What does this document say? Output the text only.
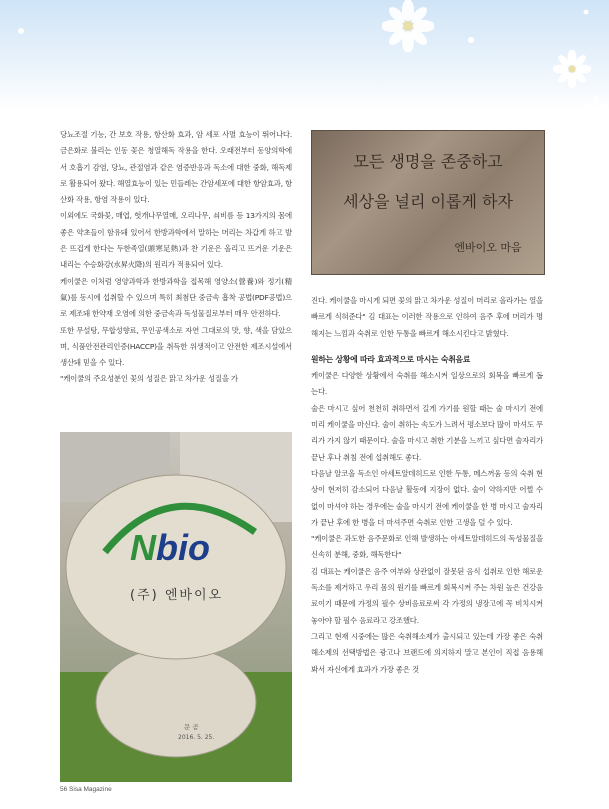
당뇨조절 기능, 간 보호 작용, 항산화 효과, 암 세포 사멸 효능이 뛰어나다. 금은화로 불리는 인동 꽃은 청열해독 작용을 한다. 오래전부터 동양의학에서 호흡기 감염, 당뇨, 관절염과 같은 염증반응과 독소에 대한 중화, 해독제로 활용되어 왔다. 해열효능이 있는 민들레는 간암세포에 대한 항암효과, 항산화 작용, 항염 작용이 있다.

이외에도 국화꽃, 매엽, 헛개나무열매, 오리나무, 쇠비름 등 13가지의 몸에 좋은 약초들이 함유돼 있어서 한방과학에서 말하는 머리는 차갑게 하고 발은 뜨겁게 한다는 두한족열(頭寒足熱)과 찬 기운은 올리고 뜨거운 기운은 내리는 수승화강(水昇火降)의 원리가 적용되어 있다.

케이쿨은 이처럼 영양과학과 한방과학을 접목해 영양소(營養)와 정기(精氣)를 동시에 섭취할 수 있으며 특히 최첨단 중금속 흡착 공법(PDF공법)으로 제조돼 한약재 오염에 의한 중금속과 독성물질로부터 매우 안전하다.

또한 무설탕, 무합성향료, 무인공색소로 자연 그대로의 맛, 향, 색을 담았으며, 식품안전관리인증(HACCP)을 취득한 위생적이고 안전한 제조시설에서 생산돼 믿을 수 있다.

"케이쿨의 주요성분인 꽃의 성질은 맑고 차가운 성질을 가

모든 생명을 존중하고
세상을 널리 이롭게 하자
엔바이오 마음

진다. 케이쿨을 마시게 되면 꽃의 맑고 차가운 성질이 머리로 올라가는 열을 빠르게 식혀준다" 김 대표는 이러한 작용으로 인하여 음주 후에 머리가 명해지는 느낌과 숙취로 인한 두통을 빠르게 해소시킨다고 밝혔다.

원하는 상황에 따라 효과적으로 마시는 숙취음료

케이쿨은 다양한 상황에서 숙취를 해소시켜 일상으로의 회복을 빠르게 돕는다.

술은 마시고 싶어 천천히 취하면서 길게 가기를 원할 때는 술 마시기 전에 미리 케이쿨을 마신다. 술이 취하는 속도가 느려서 평소보다 많이 마셔도 무리가 가지 않기 때문이다. 술을 마시고 취한 기분을 느끼고 싶다면 술자리가 끝난 후나 취침 전에 섭취해도 좋다.

다음날 알코올 독소인 아세트알데히드로 인한 두통, 메스꺼움 등의 숙취 현상이 현저히 감소되어 다음날 활동에 지장이 없다. 술이 약하지만 어쩔 수 없이 마셔야 하는 경우에는 술을 마시기 전에 케이쿨을 한 병 마시고 술자리가 끝난 후에 한 병을 더 마셔주면 숙취로 인한 고생을 덜 수 있다.

"케이쿨은 과도한 음주문화로 인해 발생하는 아세트알데히드의 독성물질을 신속히 분해, 중화, 해독한다"

김 대표는 케이쿨은 음주 여부와 상관없이 잘못된 음식 섭취로 인한 해로운 독소를 제거하고 우리 몸의 원기를 빠르게 회복시켜 주는 차원 높은 건강음료이기 때문에 가정의 필수 상비음료로써 각 가정의 냉장고에 꼭 비치시켜 놓아야 할 필수 음료라고 강조했다.

그리고 현재 시중에는 많은 숙취해소제가 출시되고 있는데 가장 좋은 숙취해소제의 선택방법은 광고나 브랜드에 의지하지 말고 본인이 직접 음용해봐서 자신에게 효과가 가장 좋은 것

Nbio
(주) 엔바이오
문 곰
2016. 5. 25.
56 Sisa Magazine
